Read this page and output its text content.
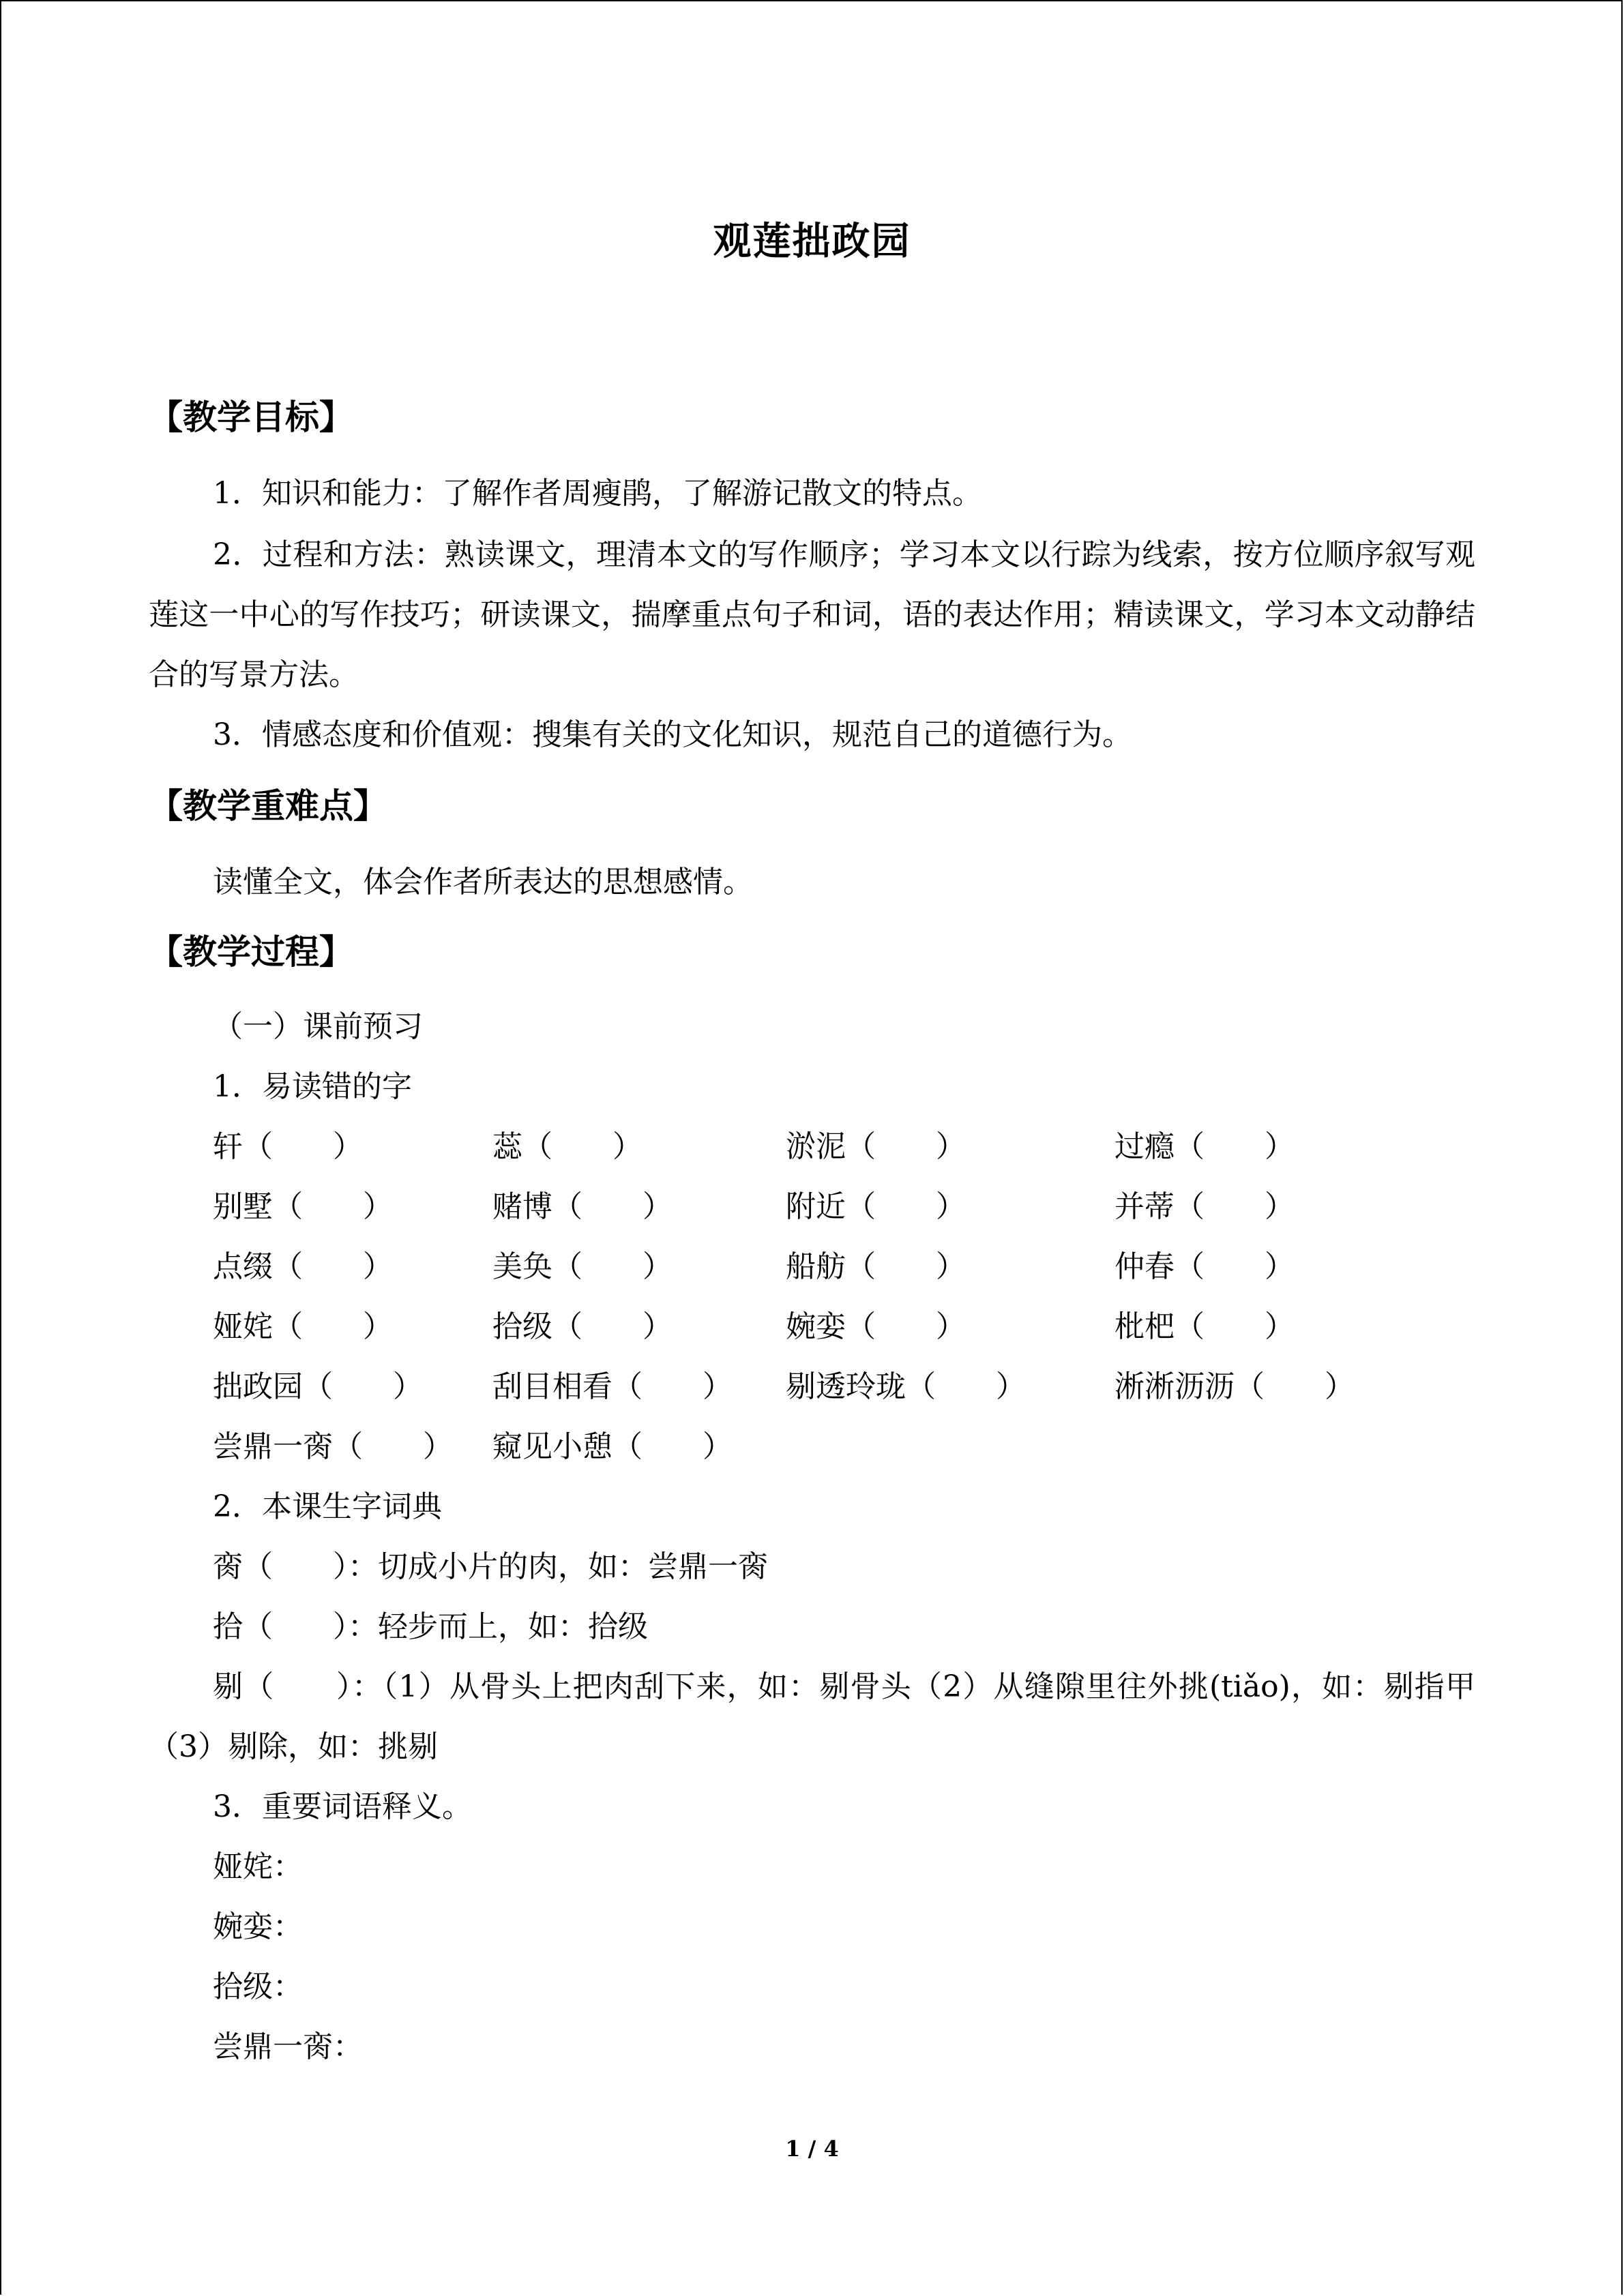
观莲拙政园
【教学目标】
1．知识和能力：了解作者周瘦鹃，了解游记散文的特点。
2．过程和方法：熟读课文，理清本文的写作顺序；学习本文以行踪为线索，按方位顺序叙写观莲这一中心的写作技巧；研读课文，揣摩重点句子和词，语的表达作用；精读课文，学习本文动静结合的写景方法。
3．情感态度和价值观：搜集有关的文化知识，规范自己的道德行为。
【教学重难点】
读懂全文，体会作者所表达的思想感情。
【教学过程】
（一）课前预习
1．易读错的字
轩（　　）	蕊（　　）	淤泥（　　）	过瘾（　　）
别墅（　　）	赌博（　　）	附近（　　）	并蒂（　　）
点缀（　　）	美奂（　　）	船舫（　　）	仲春（　　）
娅姹（　　）	拾级（　　）	婉娈（　　）	枇杷（　　）
拙政园（　　） 刮目相看（　　） 剔透玲珑（　　）	淅淅沥沥（　　）
尝鼎一脔（　　） 窥见小憩（　　）
2．本课生字词典
脔（　　）：切成小片的肉，如：尝鼎一脔
拾（　　）：轻步而上，如：拾级
剔（　　）：（1）从骨头上把肉刮下来，如：剔骨头（2）从缝隙里往外挑(tiǎo)，如：剔指甲（3）剔除，如：挑剔
3．重要词语释义。
娅姹：
婉娈：
拾级：
尝鼎一脔：
1 / 4
